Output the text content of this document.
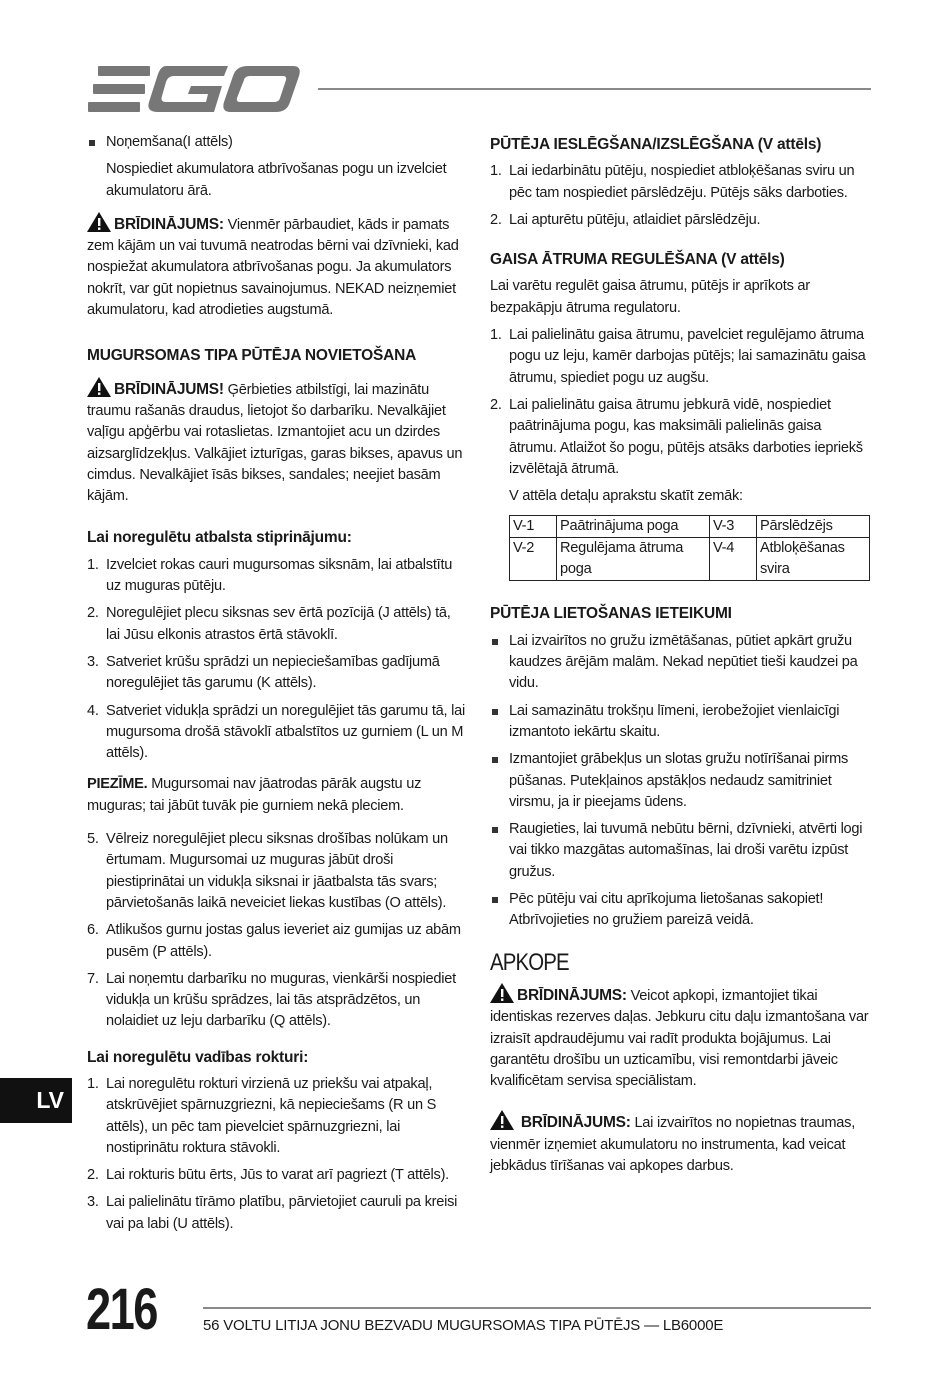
Noņemšana(I attēls)

Nospiediet akumulatora atbrīvošanas pogu un izvelciet akumulatoru ārā.

BRĪDINĀJUMS: Vienmēr pārbaudiet, kāds ir pamats zem kājām un vai tuvumā neatrodas bērni vai dzīvnieki, kad nospiežat akumulatora atbrīvošanas pogu. Ja akumulators nokrīt, var gūt nopietnus savainojumus. NEKAD neizņemiet akumulatoru, kad atrodieties augstumā.
MUGURSOMAS TIPA PŪTĒJA NOVIETOŠANA
BRĪDINĀJUMS! Ģērbieties atbilstīgi, lai mazinātu traumu rašanās draudus, lietojot šo darbarīku. Nevalkājiet vaļīgu apģērbu vai rotaslietas. Izmantojiet acu un dzirdes aizsarglīdzekļus. Valkājiet izturīgas, garas bikses, apavus un cimdus. Nevalkājiet īsās bikses, sandales; neejiet basām kājām.
Lai noregulētu atbalsta stiprinājumu:
1. Izvelciet rokas cauri mugursomas siksnām, lai atbalstītu uz muguras pūtēju.
2. Noregulējiet plecu siksnas sev ērtā pozīcijā (J attēls) tā, lai Jūsu elkonis atrastos ērtā stāvoklī.
3. Satveriet krūšu sprādzi un nepieciešamības gadījumā noregulējiet tās garumu (K attēls).
4. Satveriet vidukļa sprādzi un noregulējiet tās garumu tā, lai mugursoma drošā stāvoklī atbalstītos uz gurniem (L un M attēls).

PIEZĪME. Mugursomai nav jāatrodas pārāk augstu uz muguras; tai jābūt tuvāk pie gurniem nekā pleciem.

5. Vēlreiz noregulējiet plecu siksnas drošības nolūkam un ērtumam. Mugursomai uz muguras jābūt droši piestiprinātai un vidukļa siksnai ir jāatbalsta tās svars; pārvietošanās laikā neveiciet liekas kustības (O attēls).
6. Atlikušos gurnu jostas galus ieveriet aiz gumijas uz abām pusēm (P attēls).
7. Lai noņemtu darbarīku no muguras, vienkārši nospiediet vidukļa un krūšu sprādzes, lai tās atsprādzētos, un nolaidiet uz leju darbarīku (Q attēls).
Lai noregulētu vadības rokturi:
1. Lai noregulētu rokturi virzienā uz priekšu vai atpakaļ, atskrūvējiet spārnuzgriezni, kā nepieciešams (R un S attēls), un pēc tam pievelciet spārnuzgriezni, lai nostiprinātu roktura stāvokli.
2. Lai rokturis būtu ērts, Jūs to varat arī pagriezt (T attēls).
3. Lai palielinātu tīrāmo platību, pārvietojiet cauruli pa kreisi vai pa labi (U attēls).
PŪTĒJA IESLĒGŠANA/IZSLĒGŠANA (V attēls)
1. Lai iedarbinātu pūtēju, nospiediet atbloķēšanas sviru un pēc tam nospiediet pārslēdzēju. Pūtējs sāks darboties.
2. Lai apturētu pūtēju, atlaidiet pārslēdzēju.
GAISA ĀTRUMA REGULĒŠANA (V attēls)

Lai varētu regulēt gaisa ātrumu, pūtējs ir aprīkots ar bezpakāpju ātruma regulatoru.

1. Lai palielinātu gaisa ātrumu, pavelciet regulējamo ātrumа pogu uz leju, kamēr darbojas pūtējs; lai samazinātu gaisa ātrumu, spiediet pogu uz augšu.
2. Lai palielinātu gaisa ātrumu jebkurā vidē, nospiediet paātrinājuma pogu, kas maksimāli palielinās gaisa ātrumu. Atlaižot šo pogu, pūtējs atsāks darboties iepriekš izvēlētajā ātrumā.

V attēla detaļu aprakstu skatīt zemāk:

V-1	Paātrinājuma poga	V-3	Pārslēdzējs
V-2	Regulējama ātruma poga	V-4	Atbloķēšanas svira
PŪTĒJA LIETOŠANAS IETEIKUMI
Lai izvairītos no gružu izmētāšanas, pūtiet apkārt gružu kaudzes ārējām malām. Nekad nepūtiet tieši kaudzei pa vidu.
Lai samazinātu trokšņu līmeni, ierobežojiet vienlaicīgi izmantoto iekārtu skaitu.
Izmantojiet grābekļus un slotas gružu notīrīšanai pirms pūšanas. Putekļainos apstākļos nedaudz samitriniet virsmu, ja ir pieejams ūdens.
Raugieties, lai tuvumā nebūtu bērni, dzīvnieki, atvērti logi vai tikko mazgātas automašīnas, lai droši varētu izpūst gružus.
Pēc pūtēju vai citu aprīkojuma lietošanas sakopiet! Atbrīvojieties no gružiem pareizā veidā.
APKOPE
BRĪDINĀJUMS: Veicot apkopi, izmantojiet tikai identiskas rezerves daļas. Jebkuru citu daļu izmantošana var izraisīt apdraudējumu vai radīt produkta bojājumus. Lai garantētu drošību un uzticamību, visi remontdarbi jāveic kvalificētam servisa speciālistam.
BRĪDINĀJUMS: Lai izvairītos no nopietnas traumas, vienmēr izņemiet akumulatoru no instrumenta, kad veicat jebkādus tīrīšanas vai apkopes darbus.
LV
216	56 VOLTU LITIJA JONU BEZVADU MUGURSOMAS TIPA PŪTĒJS — LB6000E
